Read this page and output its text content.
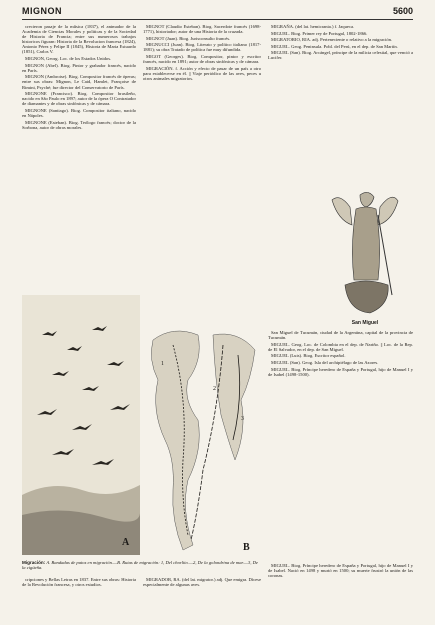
MIGNON	5600

crecieron pasaje de la mûsica (1837), el animador de la Academia de Ciencias Morales y politicas y de la Sociedad de Historia de Francia; entre sus numerosos trabajos historicos figuran: Historia de la Revolucion francesa (1824), Antonio Pérez y Felipe II (1845), Historia de Maria Estuardo (1851), Carlos V.

MIGNON, Georg. Loc. de los Estados Unidos.

MIGNON (Abel). Biog. Pintor y grabador francés, nacido en París.

MIGNON (Ambroise). Biog. Compositor francés de óperas; entre sus obras: Mignon, Le Caid, Hamlet, Françoise de Rimini, Psyché; fue director del Conservatorio de París.

MIGNONE (Francisco). Biog. Compositor brasileño, nacido en São Paulo en 1897; autor de la ópera O Contratador de diamantes y de obras sinfónicas y de cámara.

MIGNONE (Santiago). Biog. Compositor italiano, nacido en Nápoles.

MIGNONE (Esteban). Biog. Teólogo francés; doctor de la Sorbona, autor de obras morales.

MIGNOT (Claudio Esteban). Biog. Sacerdote francés (1698-1771), historiador; autor de una Historia de la cruzada.

MIGNOT (Juan). Biog. Jurisconsulto francés.

MIGNUCCI (Juan). Biog. Literato y político italiano (1817-1881); su obra Tratado de política fue muy difundida.

MIGOT (Georges). Biog. Compositor, pintor y escritor francés, nacido en 1891; autor de obras sinfónicas y de cámara.

MIGRACIÓN. f. Acción y efecto de pasar de un país a otro para establecerse en él. || Viaje periódico de las aves, peces u otros animales migratorios.

MIGRAÑA. (del lat. hemicrania.) f. Jaqueca.

MIGUEL. Biog. Primer rey de Portugal, 1802-1866.

MIGRATORIO, RIA. adj. Perteneciente o relativo a la migración.

MIGUEL. Geog. Peninsula. Pobl. del Perú, en el dep. de San Martín.

MIGUEL (San). Biog. Arcángel, príncipe de la milicia celestial, que venció a Lucifer.

A
1
2
3
B
San Miguel

San Miguel de Tucumán, ciudad de la Argentina, capital de la provincia de Tucumán.

MIGUEL. Geog. Loc. de Colombia en el dep. de Nariño. || Loc. de la Rep. de El Salvador, en el dep. de San Miguel.

MIGUEL (Luis). Biog. Escritor español.

MIGUEL (San). Geog. Isla del archipiélago de las Azores.

MIGUEL. Biog. Príncipe heredero de España y Portugal, hijo de Manuel I y de Isabel (1498-1500).

Migración: A. Bandadas de patos en migración.—B. Rutas de migración: 1, Del chorlito.—2, De la golondrina de mar.—3, De la cigüeña.

cripciones y Bellas Letras en 1837. Entre sus obras: Historia de la Revolución francesa, y otros estudios.

MIGRADOR, RA. (del lat. migrator.) adj. Que emigra. Dícese especialmente de algunas aves.

MIGUEL. Biog. Príncipe heredero de España y Portugal, hijo de Manuel I y de Isabel. Nació en 1498 y murió en 1500; su muerte frustró la unión de las coronas.
